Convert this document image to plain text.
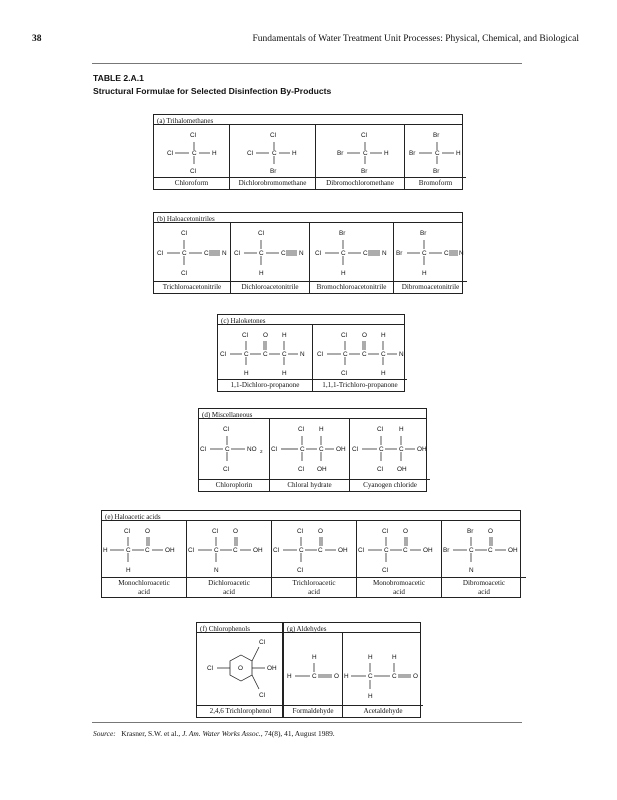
38	Fundamentals of Water Treatment Unit Processes: Physical, Chemical, and Biological
TABLE 2.A.1
Structural Formulae for Selected Disinfection By-Products
(a) Trihalomethanes
Cl
Cl	C H
Cl
Chloroform
Cl
Cl	C H
Br
Dichlorobromomethane
Cl
Br	C	H
Br
Dibromochloromethane
Br
Br	C	H
Br
Bromoform
(b) Haloacetonitriles
Cl
Cl	C	C N
Cl
Trichloroacetonitrile
Cl
Cl	C	C N
H
Dichloroacetonitrile
Br
Cl	C	C N
H
Bromochloroacetonitrile
Br
Br	C	C N
H
Dibromoacetonitrile
(c) Haloketones
Cl O H
Cl	C C C N
H	H
1,1-Dichloro-propanone
Cl O H
Cl	C C C N
Cl	H
1,1,1-Trichloro-propanone
(d) Miscellaneous
Cl
Cl	C	NO 2
Cl
Chloroplorin
Cl H
Cl	C C OH
Cl OH
Chloral hydrate
Cl H
Cl	C C OH
Cl OH
Cyanogen chloride
(e) Haloacetic acids
Cl O
H	C C OH
H
Monochloroacetic
acid
Cl O
Cl	C C OH
N
Dichloroacetic
acid
Cl O
Cl	C C OH
Cl
Trichloroacetic
acid
Cl O
Cl	C C OH
Cl
Monobromoacetic
acid
Br O
Br	C C OH
N
Dibromoacetic
acid
(f) Chlorophenols
Cl
Cl
Cl	O	OH
2,4,6 Trichlorophenol
(g) Aldehydes
H
H	C	O
Formaldehyde
H	H
H	C	C	O
H
Acetaldehyde
Source: Krasner, S.W. et al., J. Am. Water Works Assoc., 74(8), 41, August 1989.
